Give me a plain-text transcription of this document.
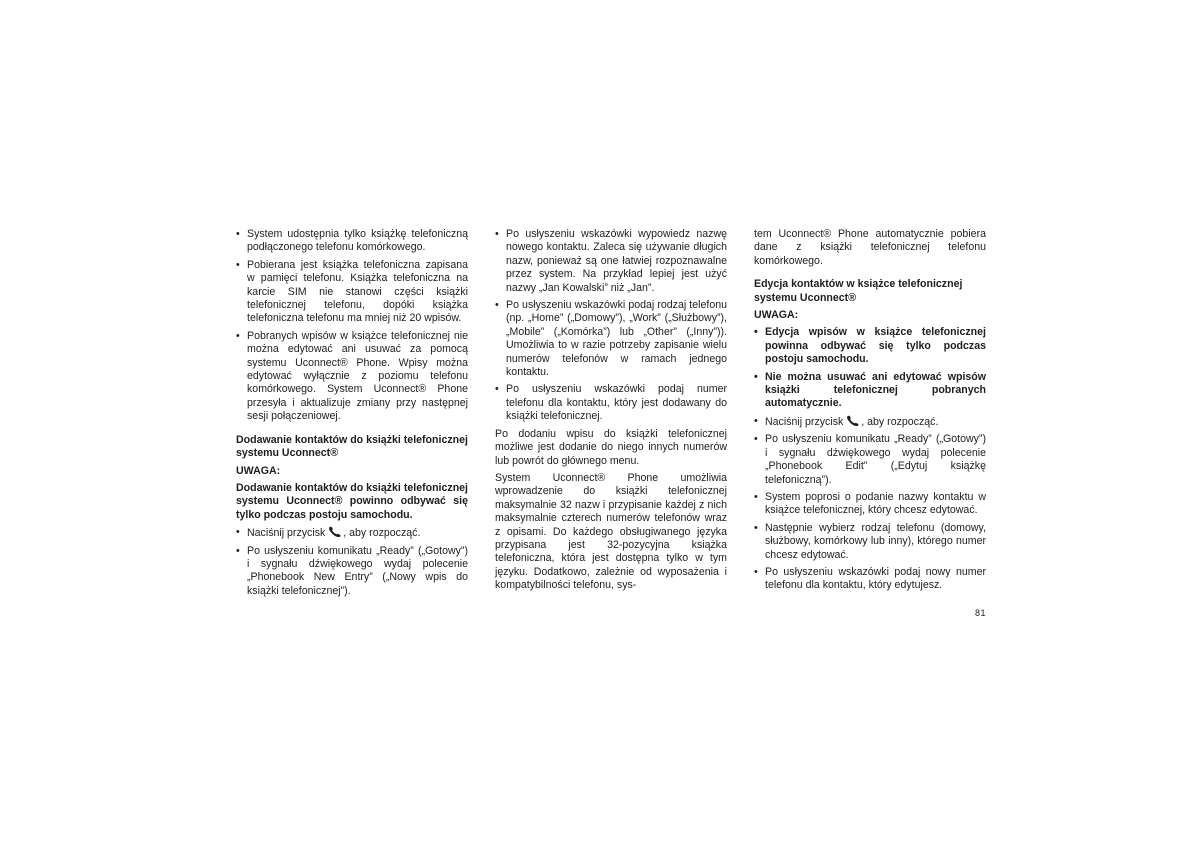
• System udostępnia tylko książkę telefoniczną podłączonego telefonu komórkowego.
• Pobierana jest książka telefoniczna zapisana w pamięci telefonu. Książka telefoniczna na karcie SIM nie stanowi części książki telefonicznej telefonu, dopóki książka telefoniczna telefonu ma mniej niż 20 wpisów.
• Pobranych wpisów w książce telefonicznej nie można edytować ani usuwać za pomocą systemu Uconnect® Phone. Wpisy można edytować wyłącznie z poziomu telefonu komórkowego. System Uconnect® Phone przesyła i aktualizuje zmiany przy następnej sesji połączeniowej.
Dodawanie kontaktów do książki telefonicznej systemu Uconnect®
UWAGA:
Dodawanie kontaktów do książki telefonicznej systemu Uconnect® powinno odbywać się tylko podczas postoju samochodu.
• Naciśnij przycisk , aby rozpocząć.
• Po usłyszeniu komunikatu „Ready” („Gotowy”) i sygnału dźwiękowego wydaj polecenie „Phonebook New Entry” („Nowy wpis do książki telefonicznej”).
• Po usłyszeniu wskazówki wypowiedz nazwę nowego kontaktu. Zaleca się używanie długich nazw, ponieważ są one łatwiej rozpoznawalne przez system. Na przykład lepiej jest użyć nazwy „Jan Kowalski” niż „Jan”.
• Po usłyszeniu wskazówki podaj rodzaj telefonu (np. „Home” („Domowy”), „Work” („Służbowy”), „Mobile” („Komórka”) lub „Other” („Inny”)). Umożliwia to w razie potrzeby zapisanie wielu numerów telefonów w ramach jednego kontaktu.
• Po usłyszeniu wskazówki podaj numer telefonu dla kontaktu, który jest dodawany do książki telefonicznej.
Po dodaniu wpisu do książki telefonicznej możliwe jest dodanie do niego innych numerów lub powrót do głównego menu.
System Uconnect® Phone umożliwia wprowadzenie do książki telefonicznej maksymalnie 32 nazw i przypisanie każdej z nich maksymalnie czterech numerów telefonów wraz z opisami. Do każdego obsługiwanego języka przypisana jest 32-pozycyjna książka telefoniczna, która jest dostępna tylko w tym języku. Dodatkowo, zależnie od wyposażenia i kompatybilności telefonu, sys-
tem Uconnect® Phone automatycznie pobiera dane z książki telefonicznej telefonu komórkowego.
Edycja kontaktów w książce telefonicznej systemu Uconnect®
UWAGA:
• Edycja wpisów w książce telefonicznej powinna odbywać się tylko podczas postoju samochodu.
• Nie można usuwać ani edytować wpisów książki telefonicznej pobranych automatycznie.
• Naciśnij przycisk , aby rozpocząć.
• Po usłyszeniu komunikatu „Ready” („Gotowy”) i sygnału dźwiękowego wydaj polecenie „Phonebook Edit” („Edytuj książkę telefoniczną”).
• System poprosi o podanie nazwy kontaktu w książce telefonicznej, który chcesz edytować.
• Następnie wybierz rodzaj telefonu (domowy, służbowy, komórkowy lub inny), którego numer chcesz edytować.
• Po usłyszeniu wskazówki podaj nowy numer telefonu dla kontaktu, który edytujesz.
81
